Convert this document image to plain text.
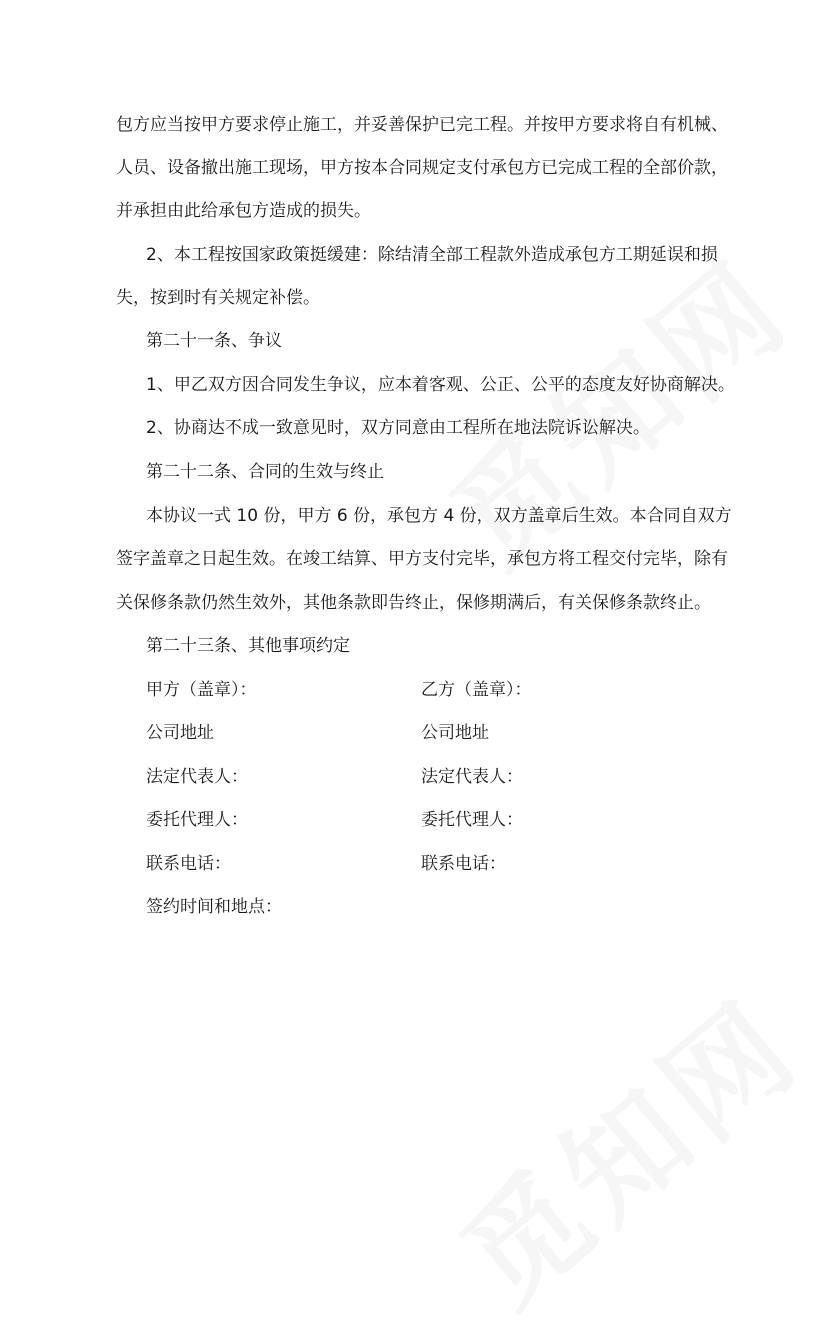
包方应当按甲方要求停止施工，并妥善保护已完工程。并按甲方要求将自有机械、
人员、设备撤出施工现场，甲方按本合同规定支付承包方已完成工程的全部价款，
并承担由此给承包方造成的损失。
2、本工程按国家政策挺缓建：除结清全部工程款外造成承包方工期延误和损
失，按到时有关规定补偿。
第二十一条、争议
1、甲乙双方因合同发生争议，应本着客观、公正、公平的态度友好协商解决。
2、协商达不成一致意见时，双方同意由工程所在地法院诉讼解决。
第二十二条、合同的生效与终止
本协议一式 10 份，甲方 6 份，承包方 4 份，双方盖章后生效。本合同自双方
签字盖章之日起生效。在竣工结算、甲方支付完毕，承包方将工程交付完毕，除有
关保修条款仍然生效外，其他条款即告终止，保修期满后，有关保修条款终止。
第二十三条、其他事项约定
甲方（盖章）：	乙方（盖章）：
公司地址	公司地址
法定代表人：	法定代表人：
委托代理人：	委托代理人：
联系电话：	联系电话：
签约时间和地点：
